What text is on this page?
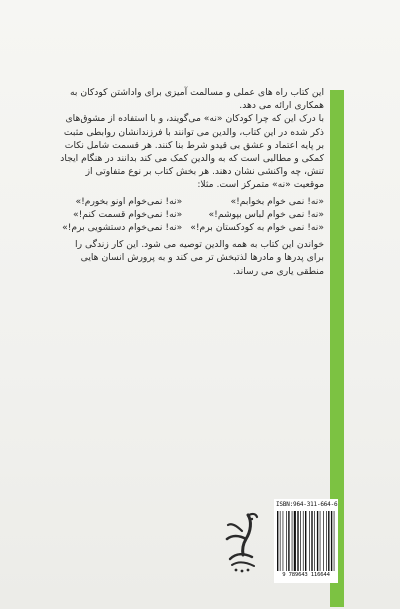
این کتاب راه های عملی و مسالمت آمیزی برای واداشتن کودکان به همکاری ارائه می دهد.

با درک این که چرا کودکان «نه» می‌گویند، و با استفاده از مشوق‌های ذکر شده در این کتاب، والدین می توانند با فرزندانشان روابطی مثبت بر پایه اعتماد و عشق بی قیدو شرط بنا کنند. هر قسمت شامل نکات کمکی و مطالبی است که به والدین کمک می کند بدانند در هنگام ایجاد تنش، چه واکنشی نشان دهند. هر بخش کتاب بر نوع متفاوتی از موقعیت «نه» متمرکز است. مثلا:

«نه! نمی خوام بخوابم!»
«نه! نمی‌خوام اونو بخورم!»
«نه! نمی خوام لباس بپوشم!»
«نه! نمی‌خوام قسمت کنم!»
«نه! نمی خوام به کودکستان برم!»
«نه! نمی‌خوام دستشویی برم!»

خواندن این کتاب به همه والدین توصیه می شود. این کار زندگی را برای پدرها و مادرها لذتبخش تر می کند و به پرورش انسان هایی منطقی یاری می رساند.

ISBN:964-311-664-6
9 789643 116644
